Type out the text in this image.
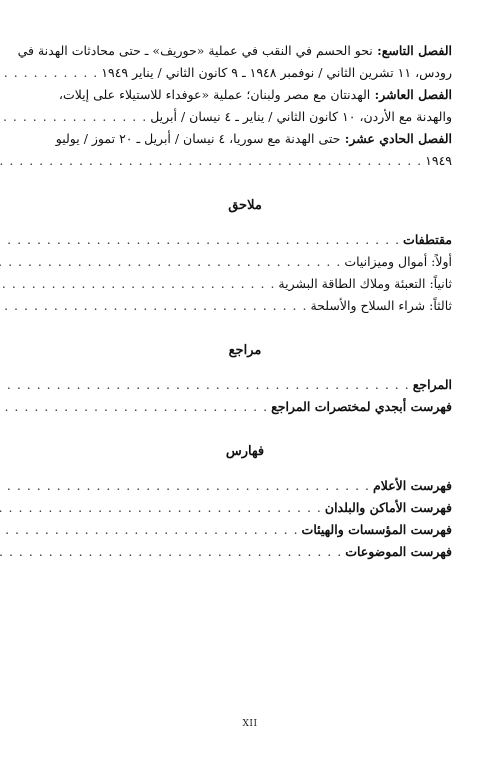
الفصل التاسع: نحو الحسم في النقب في عملية «حوريف» ـ حتى محادثات الهدنة في
رودس، ١١ تشرين الثاني / نوفمبر ١٩٤٨ ـ ٩ كانون الثاني / يناير ١٩٤٩
. . .
الفصل العاشر: الهدنتان مع مصر ولبنان؛ عملية «عوفداء للاستيلاء على إيلات،
والهدنة مع الأردن، ١٠ كانون الثاني / يناير ـ ٤ نيسان / أبريل
. . .
الفصل الحادي عشر: حتى الهدنة مع سوريا، ٤ نيسان / أبريل ـ ٢٠ تموز / يوليو
١٩٤٩
. . .
ملاحق
مقتطفات
. . .
أولاً: أموال وميزانيات
. . .
ثانياً: التعبئة وملاك الطاقة البشرية
. . .
ثالثاً: شراء السلاح والأسلحة
. . .
مراجع
المراجع
. . .
فهرست أبجدي لمختصرات المراجع
. . .
فهارس
فهرست الأعلام
. . .
فهرست الأماكن والبلدان
. . .
فهرست المؤسسات والهيئات
. . .
فهرست الموضوعات
. . .
XII
